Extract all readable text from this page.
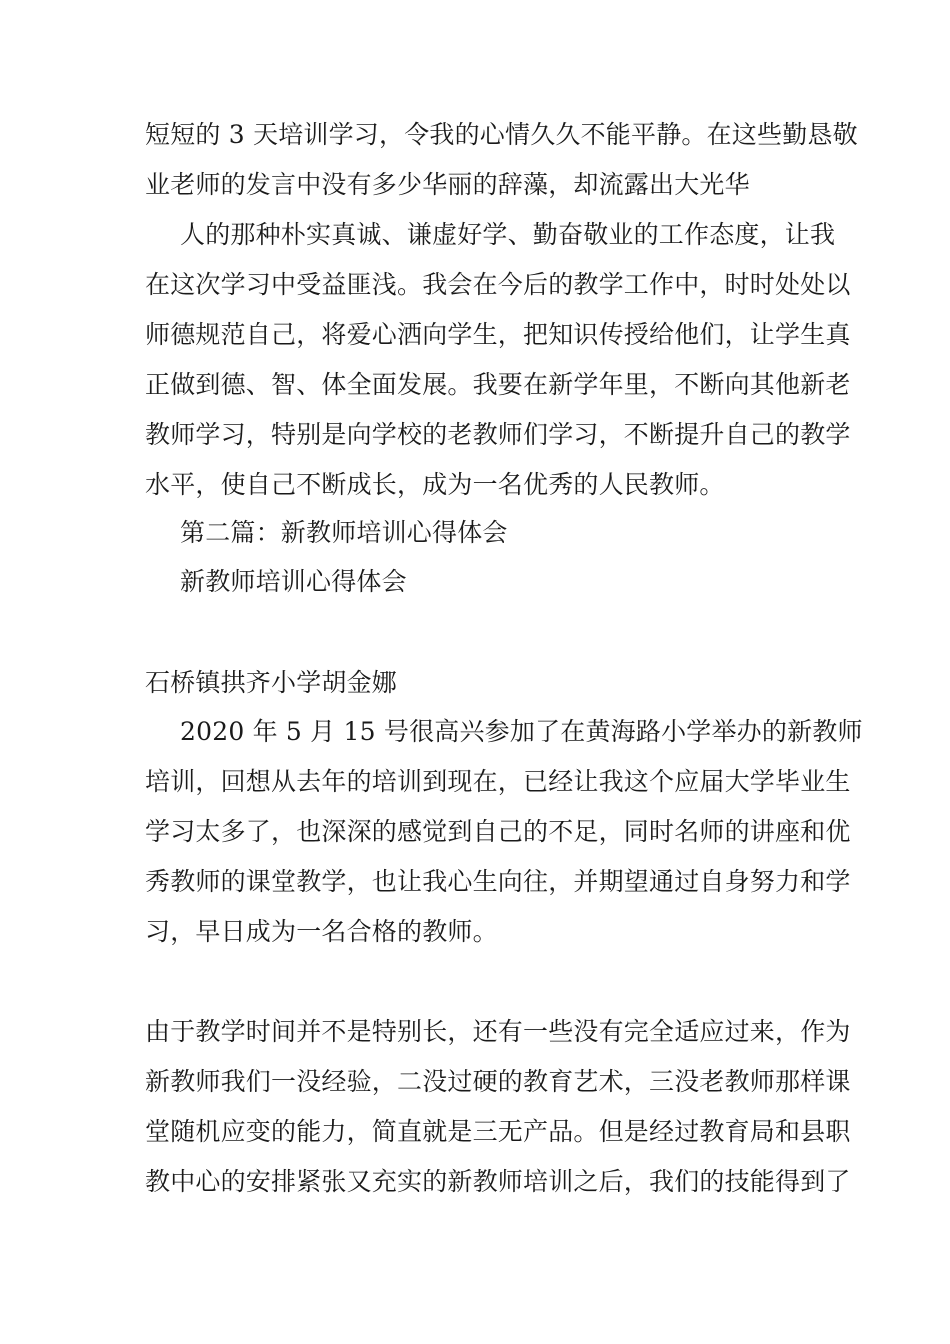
短短的 3 天培训学习，令我的心情久久不能平静。在这些勤恳敬
业老师的发言中没有多少华丽的辞藻，却流露出大光华
人的那种朴实真诚、谦虚好学、勤奋敬业的工作态度，让我
在这次学习中受益匪浅。我会在今后的教学工作中，时时处处以
师德规范自己，将爱心洒向学生，把知识传授给他们，让学生真
正做到德、智、体全面发展。我要在新学年里，不断向其他新老
教师学习，特别是向学校的老教师们学习，不断提升自己的教学
水平，使自己不断成长，成为一名优秀的人民教师。
第二篇：新教师培训心得体会
新教师培训心得体会
石桥镇拱齐小学胡金娜
2020 年 5 月 15 号很高兴参加了在黄海路小学举办的新教师
培训，回想从去年的培训到现在，已经让我这个应届大学毕业生
学习太多了，也深深的感觉到自己的不足，同时名师的讲座和优
秀教师的课堂教学，也让我心生向往，并期望通过自身努力和学
习，早日成为一名合格的教师。
由于教学时间并不是特别长，还有一些没有完全适应过来，作为
新教师我们一没经验，二没过硬的教育艺术，三没老教师那样课
堂随机应变的能力，简直就是三无产品。但是经过教育局和县职
教中心的安排紧张又充实的新教师培训之后，我们的技能得到了
